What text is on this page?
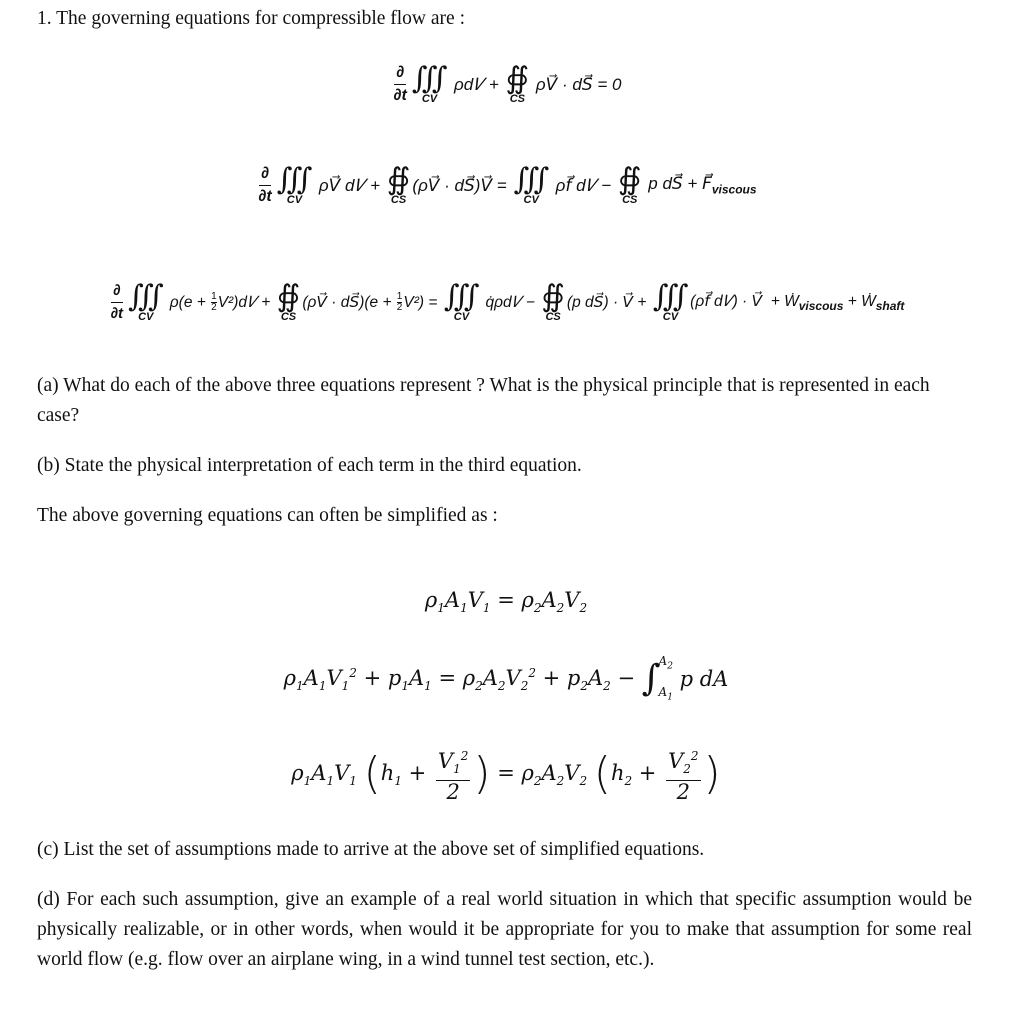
1. The governing equations for compressible flow are :

$\frac{\partial}{\partial t}$ ∭
CV
ρd𝑉 + ∯
CS
ρV⃗ · dS⃗ = 0
$\frac{\partial}{\partial t}$ ∭
CV
ρV⃗ d𝑉 + ∯
CS
(ρV⃗ · dS⃗)V⃗ = ∭
CV
ρf⃗ d𝑉 − ∯
CS
p dS⃗ + $F⃗_{viscous}$
$\frac{\partial}{\partial t}$ ∭
CV
$\rho(e + \frac{1}{2}$ V²)d𝑉 + ∯
CS
(ρV⃗ · dS⃗)(e + $\frac{1}{2} V^2$) = ∭
CV
q̇ρd𝑉 − ∯
CS
(p dS⃗) · V⃗ + ∭
CV
(ρf⃗ d𝑉) · V⃗  + Ẇ$_{viscous}$ + Ẇ$_{shaft}$

(a) What do each of the above three equations represent ? What is the physical principle that is represented in each case?

(b) State the physical interpretation of each term in the third equation.

The above governing equations can often be simplified as :

$\rho_1A_1V_1 = \rho_2A_2V_2$
$\rho_1A_1V_1^2 + p_1A_1 = \rho_2A_2V_2^2 + p_2A_2$ − ∫
$A_2$
$A_1$
p dA
$\rho_1A_1V_1$ ( $h_1 + \frac{V_1^2}{2}$ ) = $\rho_2A_2V_2$ ( $h_2 + \frac{V_2^2}{2}$ )

(c) List the set of assumptions made to arrive at the above set of simplified equations.

(d) For each such assumption, give an example of a real world situation in which that specific assumption would be physically realizable, or in other words, when would it be appropriate for you to make that assumption for some real world flow (e.g. flow over an airplane wing, in a wind tunnel test section, etc.).
